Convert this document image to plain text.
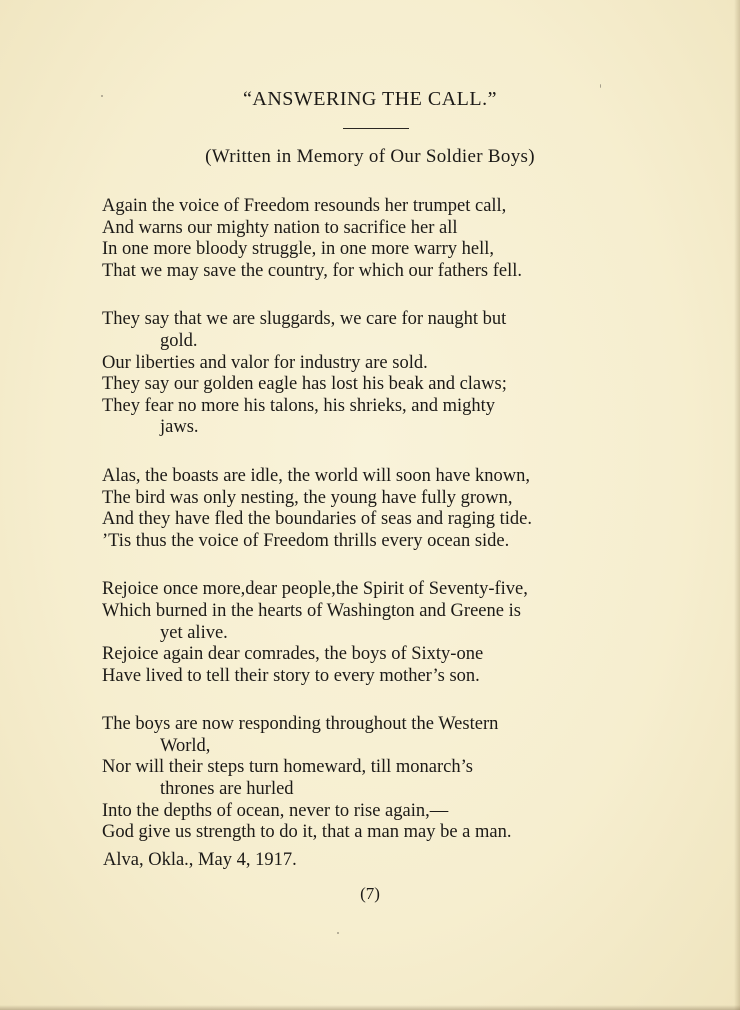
“ANSWERING THE CALL.”
(Written in Memory of Our Soldier Boys)
Again the voice of Freedom resounds her trumpet call,
And warns our mighty nation to sacrifice her all
In one more bloody struggle, in one more warry hell,
That we may save the country, for which our fathers fell.
They say that we are sluggards, we care for naught but
gold.
Our liberties and valor for industry are sold.
They say our golden eagle has lost his beak and claws;
They fear no more his talons, his shrieks, and mighty
jaws.
Alas, the boasts are idle, the world will soon have known,
The bird was only nesting, the young have fully grown,
And they have fled the boundaries of seas and raging tide.
’Tis thus the voice of Freedom thrills every ocean side.
Rejoice once more,dear people,the Spirit of Seventy-five,
Which burned in the hearts of Washington and Greene is
yet alive.
Rejoice again dear comrades, the boys of Sixty-one
Have lived to tell their story to every mother’s son.
The boys are now responding throughout the Western
World,
Nor will their steps turn homeward, till monarch’s
thrones are hurled
Into the depths of ocean, never to rise again,—
God give us strength to do it, that a man may be a man.
Alva, Okla., May 4, 1917.
(7)
